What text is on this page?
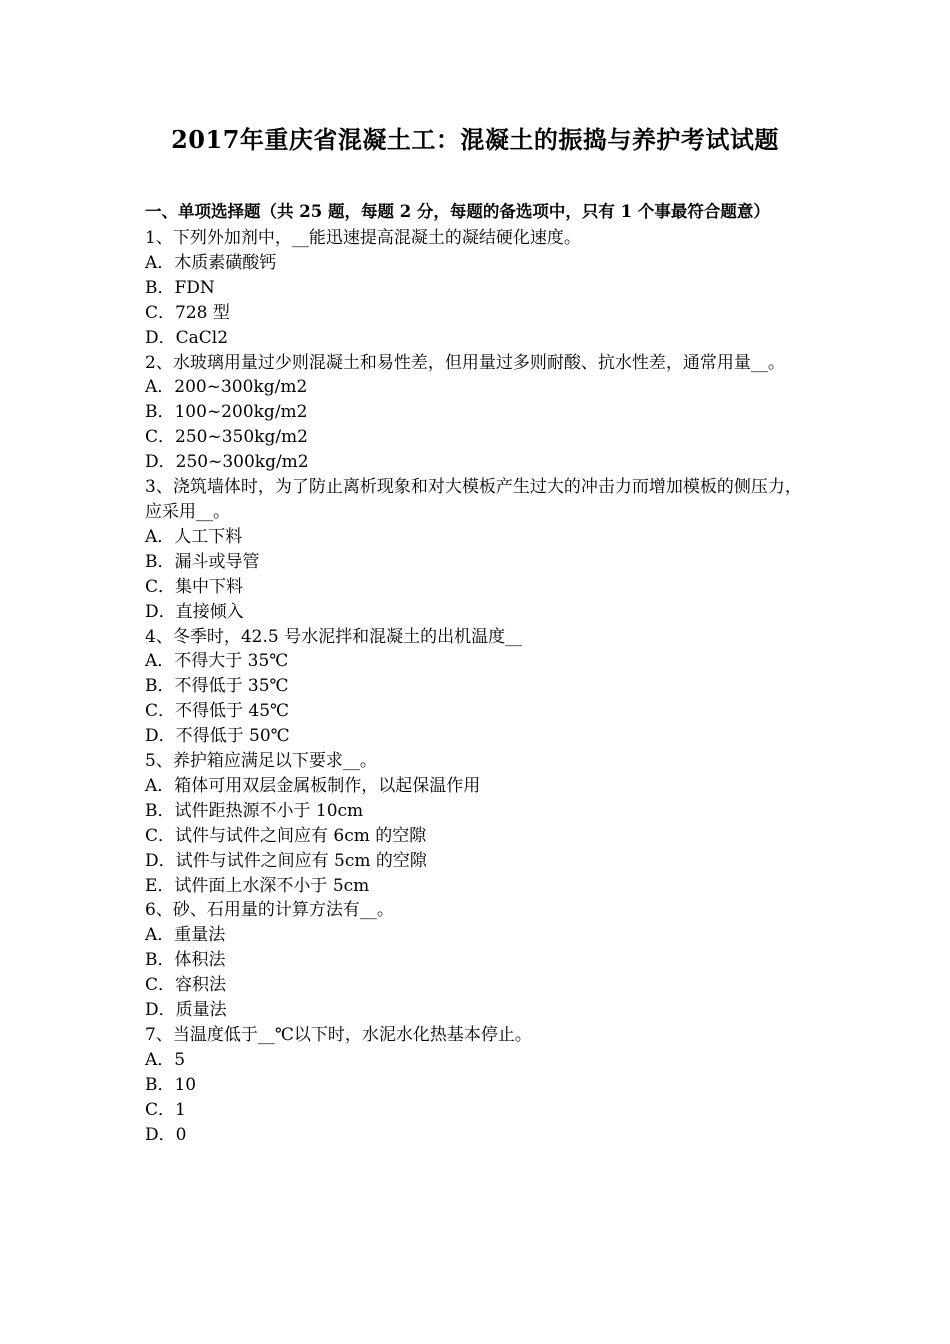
2017年重庆省混凝土工：混凝土的振捣与养护考试试题
一、单项选择题（共 25 题，每题 2 分，每题的备选项中，只有 1 个事最符合题意）
1、下列外加剂中，__能迅速提高混凝土的凝结硬化速度。
A．木质素磺酸钙
B．FDN
C．728 型
D．CaCl2
2、水玻璃用量过少则混凝土和易性差，但用量过多则耐酸、抗水性差，通常用量__。
A．200~300kg/m2
B．100~200kg/m2
C．250~350kg/m2
D．250~300kg/m2
3、浇筑墙体时，为了防止离析现象和对大模板产生过大的冲击力而增加模板的侧压力，应采用__。
A．人工下料
B．漏斗或导管
C．集中下料
D．直接倾入
4、冬季时，42.5 号水泥拌和混凝土的出机温度__
A．不得大于 35℃
B．不得低于 35℃
C．不得低于 45℃
D．不得低于 50℃
5、养护箱应满足以下要求__。
A．箱体可用双层金属板制作，以起保温作用
B．试件距热源不小于 10cm
C．试件与试件之间应有 6cm 的空隙
D．试件与试件之间应有 5cm 的空隙
E．试件面上水深不小于 5cm
6、砂、石用量的计算方法有__。
A．重量法
B．体积法
C．容积法
D．质量法
7、当温度低于__℃以下时，水泥水化热基本停止。
A．5
B．10
C．1
D．0
